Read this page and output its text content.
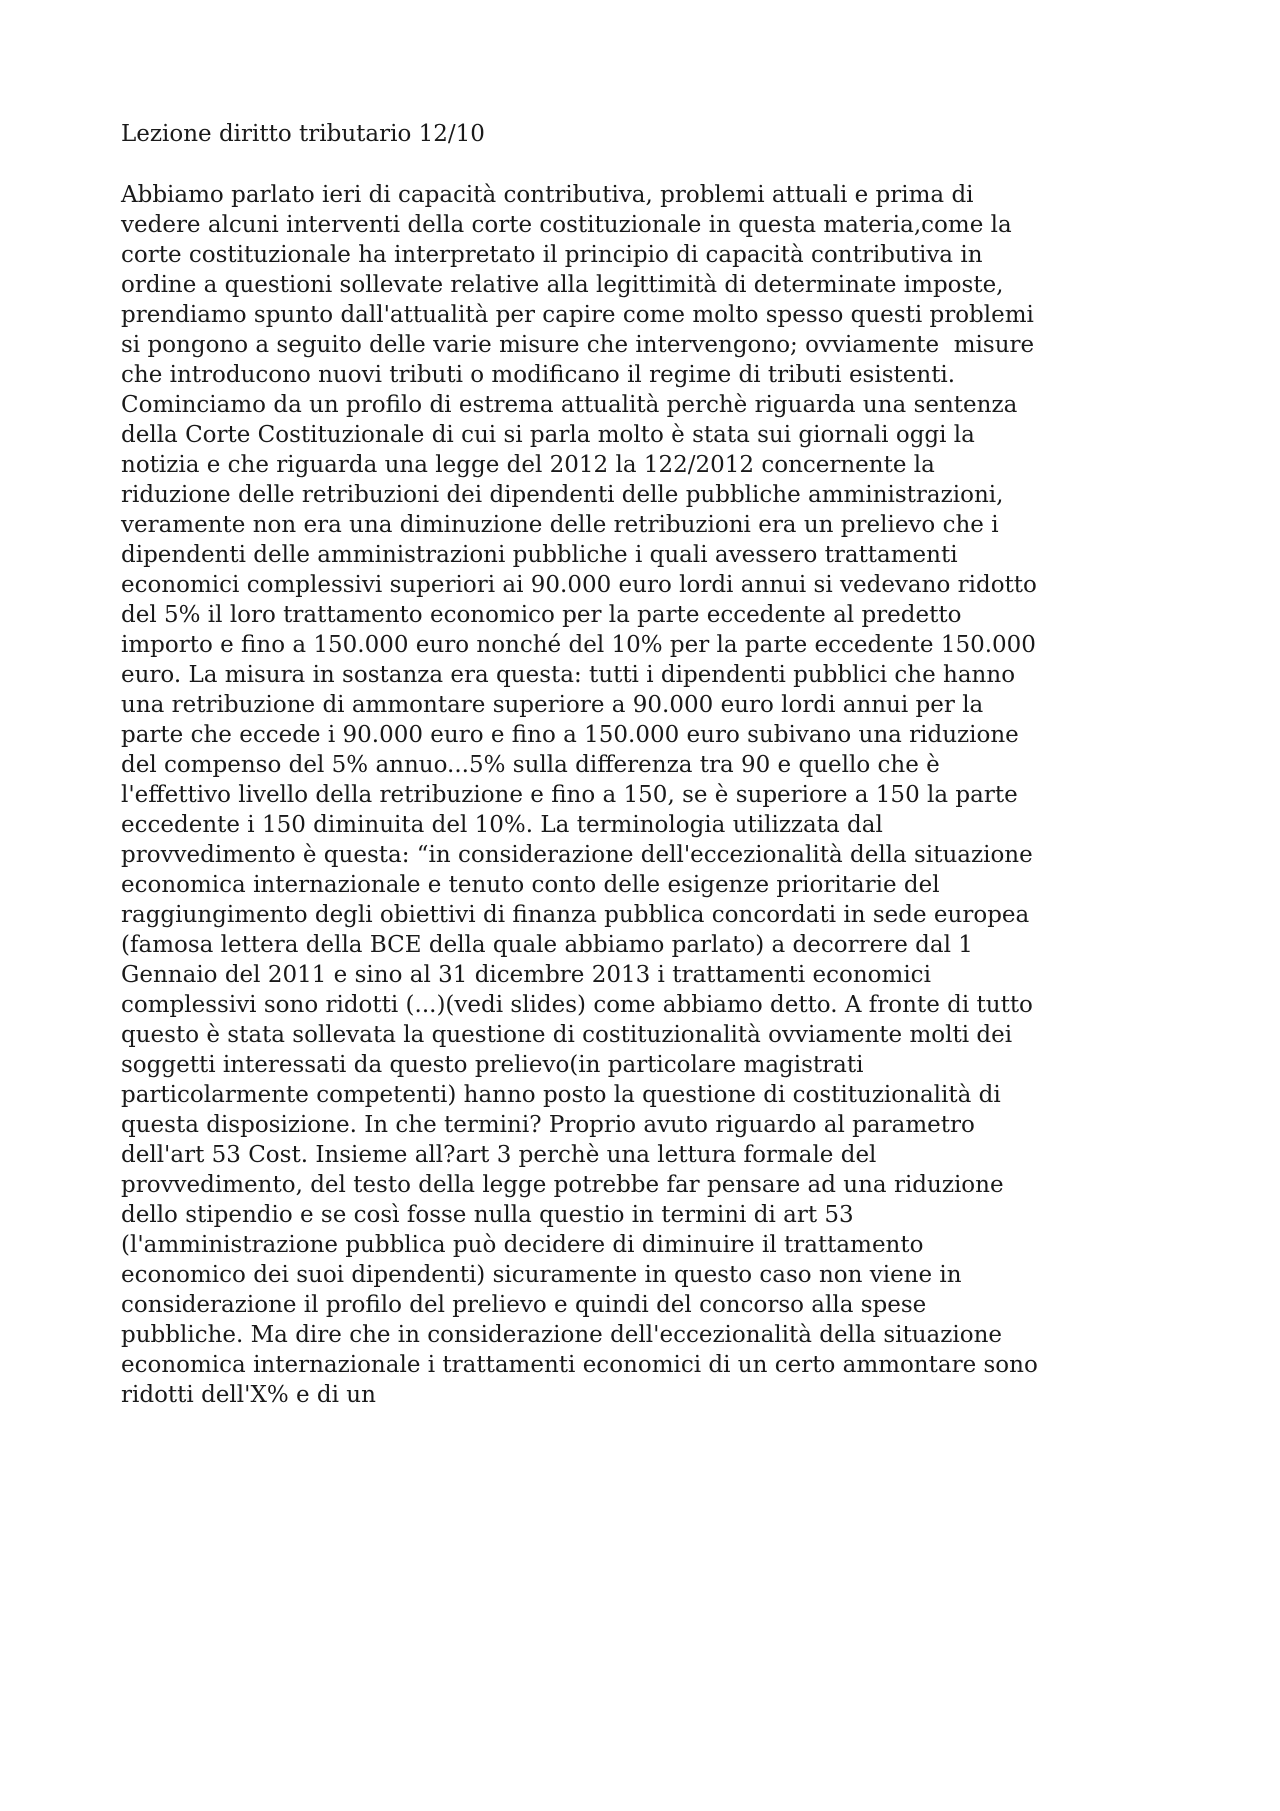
Lezione diritto tributario 12/10
Abbiamo parlato ieri di capacità contributiva, problemi attuali e prima di
vedere alcuni interventi della corte costituzionale in questa materia,come la
corte costituzionale ha interpretato il principio di capacità contributiva in
ordine a questioni sollevate relative alla legittimità di determinate imposte,
prendiamo spunto dall'attualità per capire come molto spesso questi problemi
si pongono a seguito delle varie misure che intervengono; ovviamente  misure
che introducono nuovi tributi o modificano il regime di tributi esistenti.
Cominciamo da un profilo di estrema attualità perchè riguarda una sentenza
della Corte Costituzionale di cui si parla molto è stata sui giornali oggi la
notizia e che riguarda una legge del 2012 la 122/2012 concernente la
riduzione delle retribuzioni dei dipendenti delle pubbliche amministrazioni,
veramente non era una diminuzione delle retribuzioni era un prelievo che i
dipendenti delle amministrazioni pubbliche i quali avessero trattamenti
economici complessivi superiori ai 90.000 euro lordi annui si vedevano ridotto
del 5% il loro trattamento economico per la parte eccedente al predetto
importo e fino a 150.000 euro nonché del 10% per la parte eccedente 150.000
euro. La misura in sostanza era questa: tutti i dipendenti pubblici che hanno
una retribuzione di ammontare superiore a 90.000 euro lordi annui per la
parte che eccede i 90.000 euro e fino a 150.000 euro subivano una riduzione
del compenso del 5% annuo...5% sulla differenza tra 90 e quello che è
l'effettivo livello della retribuzione e fino a 150, se è superiore a 150 la parte
eccedente i 150 diminuita del 10%. La terminologia utilizzata dal
provvedimento è questa: “in considerazione dell'eccezionalità della situazione
economica internazionale e tenuto conto delle esigenze prioritarie del
raggiungimento degli obiettivi di finanza pubblica concordati in sede europea
(famosa lettera della BCE della quale abbiamo parlato) a decorrere dal 1
Gennaio del 2011 e sino al 31 dicembre 2013 i trattamenti economici
complessivi sono ridotti (...)(vedi slides) come abbiamo detto. A fronte di tutto
questo è stata sollevata la questione di costituzionalità ovviamente molti dei
soggetti interessati da questo prelievo(in particolare magistrati
particolarmente competenti) hanno posto la questione di costituzionalità di
questa disposizione. In che termini? Proprio avuto riguardo al parametro
dell'art 53 Cost. Insieme all?art 3 perchè una lettura formale del
provvedimento, del testo della legge potrebbe far pensare ad una riduzione
dello stipendio e se così fosse nulla questio in termini di art 53
(l'amministrazione pubblica può decidere di diminuire il trattamento
economico dei suoi dipendenti) sicuramente in questo caso non viene in
considerazione il profilo del prelievo e quindi del concorso alla spese
pubbliche. Ma dire che in considerazione dell'eccezionalità della situazione
economica internazionale i trattamenti economici di un certo ammontare sono
ridotti dell'X% e di un
